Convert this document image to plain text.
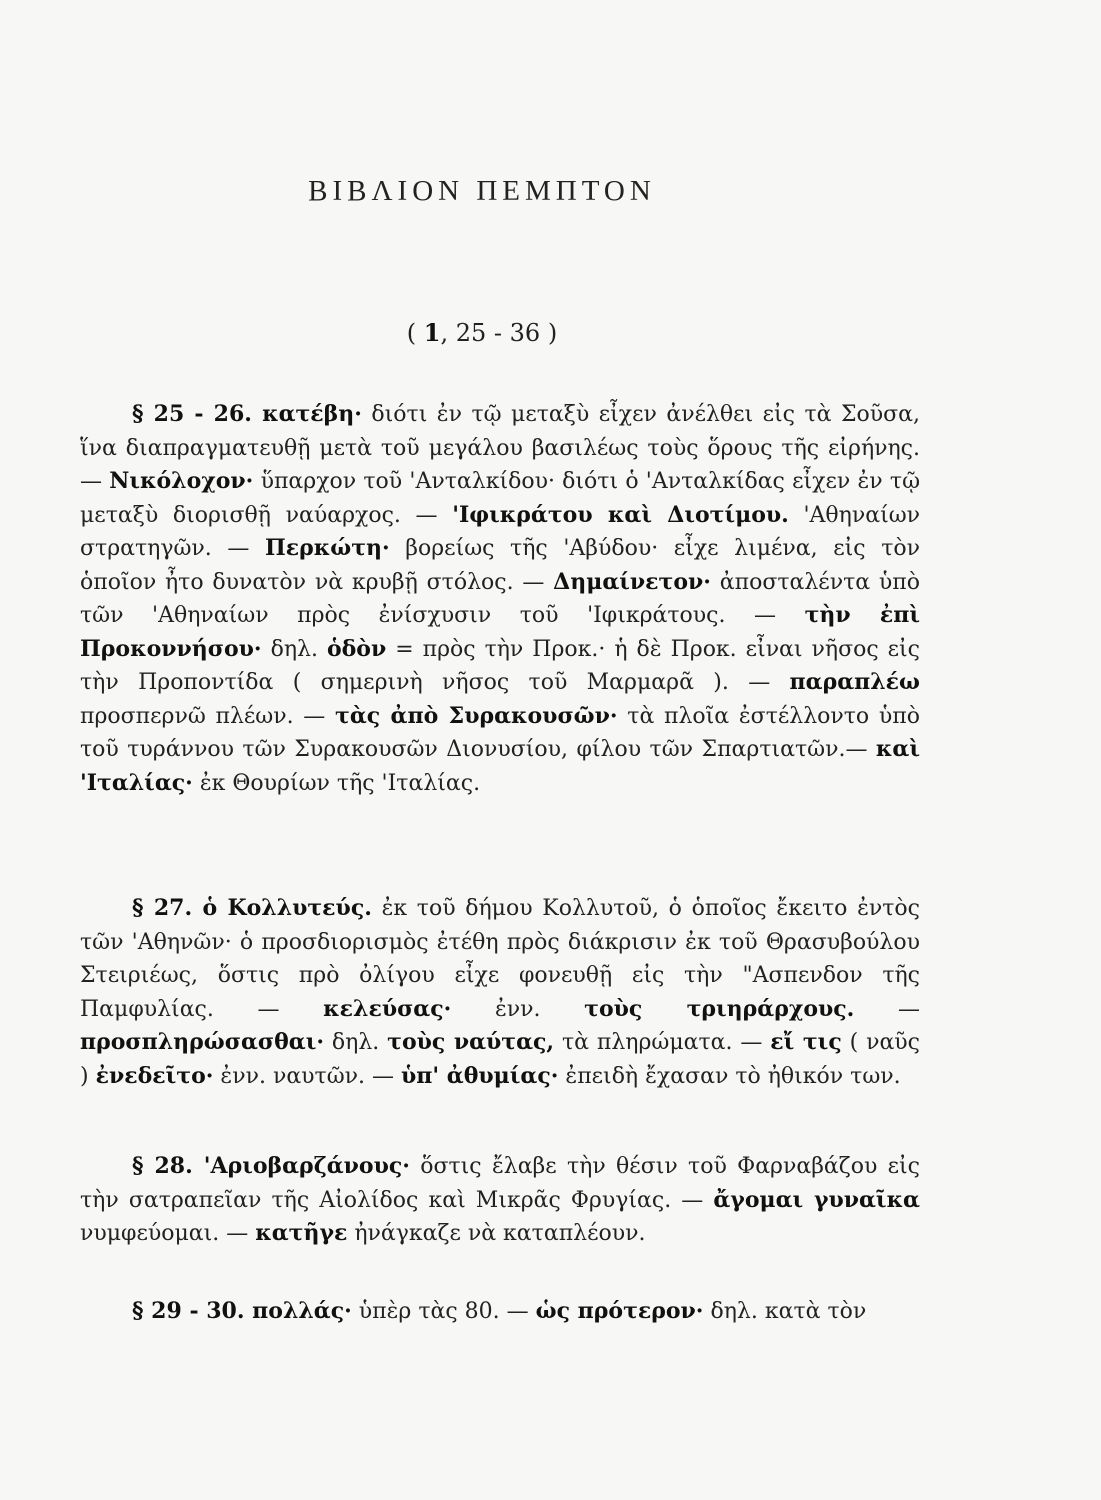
ΒΙΒΛΙΟΝ ΠΕΜΠΤΟΝ
( 1, 25 - 36 )
§ 25 - 26. κατέβη· διότι ἐν τῷ μεταξὺ εἶχεν ἀνέλθει εἰς τὰ Σοῦσα, ἵνα διαπραγματευθῇ μετὰ τοῦ μεγάλου βασιλέως τοὺς ὅρους τῆς εἰρήνης. — Νικόλοχον· ὕπαρχον τοῦ 'Ανταλκίδου· διότι ὁ 'Ανταλκίδας εἶχεν ἐν τῷ μεταξὺ διορισθῇ ναύαρχος. — 'Ιφικράτου καὶ Διοτίμου. 'Αθηναίων στρατηγῶν. — Περκώτη· βορείως τῆς 'Αβύδου· εἶχε λιμένα, εἰς τὸν ὁποῖον ἦτο δυνατὸν νὰ κρυβῇ στόλος. — Δημαίνετον· ἀποσταλέντα ὑπὸ τῶν 'Αθηναίων πρὸς ἐνίσχυσιν τοῦ 'Ιφικράτους. — τὴν ἐπὶ Προκοννήσου· δηλ. ὁδὸν = πρὸς τὴν Προκ.· ἡ δὲ Προκ. εἶναι νῆσος εἰς τὴν Προποντίδα ( σημερινὴ νῆσος τοῦ Μαρμαρᾶ ). — παραπλέω προσπερνῶ πλέων. — τὰς ἀπὸ Συρακουσῶν· τὰ πλοῖα ἐστέλλοντο ὑπὸ τοῦ τυράννου τῶν Συρακουσῶν Διονυσίου, φίλου τῶν Σπαρτιατῶν.— καὶ 'Ιταλίας· ἐκ Θουρίων τῆς 'Ιταλίας.
§ 27. ὁ Κολλυτεύς. ἐκ τοῦ δήμου Κολλυτοῦ, ὁ ὁποῖος ἔκειτο ἐντὸς τῶν 'Αθηνῶν· ὁ προσδιορισμὸς ἐτέθη πρὸς διάκρισιν ἐκ τοῦ Θρασυβούλου Στειριέως, ὅστις πρὸ ὀλίγου εἶχε φονευθῇ εἰς τὴν "Ασπενδον τῆς Παμφυλίας. — κελεύσας· ἐνν. τοὺς τριηράρχους. — προσπληρώσασθαι· δηλ. τοὺς ναύτας, τὰ πληρώματα. — εἴ τις ( ναῦς ) ἐνεδεῖτο· ἐνν. ναυτῶν. — ὑπ' ἀθυμίας· ἐπειδὴ ἔχασαν τὸ ἠθικόν των.
§ 28. 'Αριοβαρζάνους· ὅστις ἔλαβε τὴν θέσιν τοῦ Φαρναβάζου εἰς τὴν σατραπεῖαν τῆς Αἰολίδος καὶ Μικρᾶς Φρυγίας. — ἄγομαι γυναῖκα νυμφεύομαι. — κατῆγε ἠνάγκαζε νὰ καταπλέουν.
§ 29 - 30. πολλάς· ὑπὲρ τὰς 80. — ὡς πρότερον· δηλ. κατὰ τὸν
